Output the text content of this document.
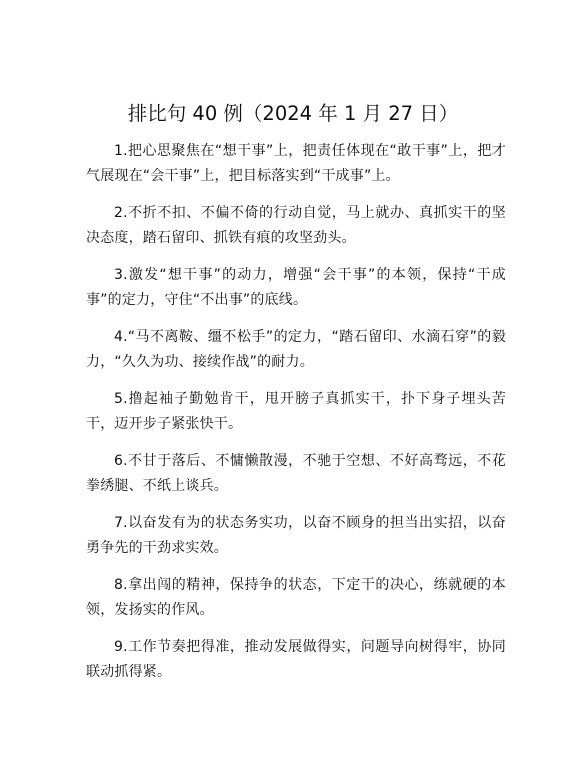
排比句 40 例（2024 年 1 月 27 日）

1.把心思聚焦在“想干事”上，把责任体现在“敢干事”上，把才气展现在“会干事”上，把目标落实到“干成事”上。

2.不折不扣、不偏不倚的行动自觉，马上就办、真抓实干的坚决态度，踏石留印、抓铁有痕的攻坚劲头。

3.激发“想干事”的动力，增强“会干事”的本领，保持“干成事”的定力，守住“不出事”的底线。

4.“马不离鞍、缰不松手”的定力，“踏石留印、水滴石穿”的毅力，“久久为功、接续作战”的耐力。

5.撸起袖子勤勉肯干，甩开膀子真抓实干，扑下身子埋头苦干，迈开步子紧张快干。

6.不甘于落后、不慵懒散漫，不驰于空想、不好高骛远，不花拳绣腿、不纸上谈兵。

7.以奋发有为的状态务实功，以奋不顾身的担当出实招，以奋勇争先的干劲求实效。

8.拿出闯的精神，保持争的状态，下定干的决心，练就硬的本领，发扬实的作风。

9.工作节奏把得准，推动发展做得实，问题导向树得牢，协同联动抓得紧。
